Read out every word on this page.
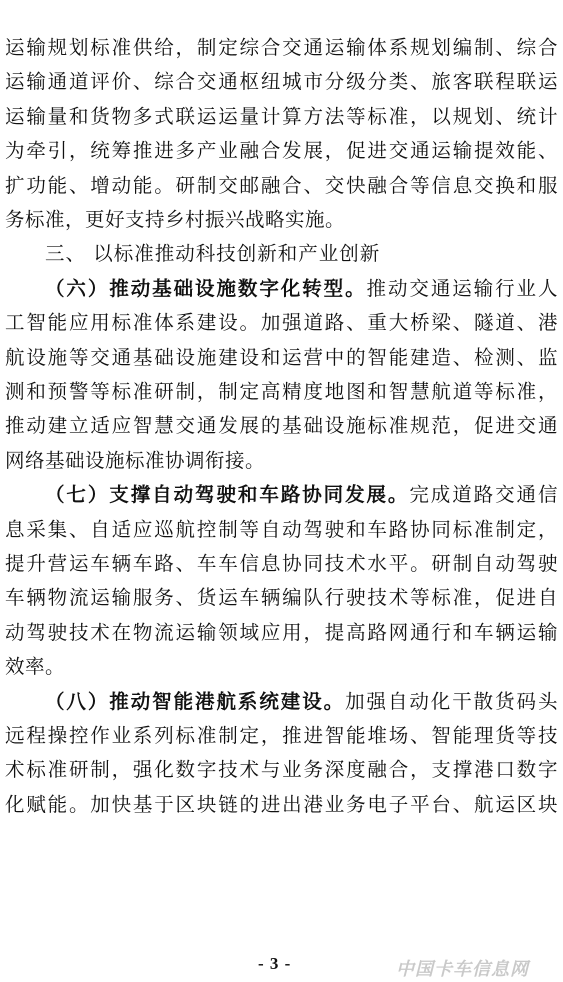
运输规划标准供给，制定综合交通运输体系规划编制、综合
运输通道评价、综合交通枢纽城市分级分类、旅客联程联运
运输量和货物多式联运运量计算方法等标准，以规划、统计
为牵引，统筹推进多产业融合发展，促进交通运输提效能、
扩功能、增动能。研制交邮融合、交快融合等信息交换和服
务标准，更好支持乡村振兴战略实施。
三、 以标准推动科技创新和产业创新
（六）推动基础设施数字化转型。推动交通运输行业人
工智能应用标准体系建设。加强道路、重大桥梁、隧道、港
航设施等交通基础设施建设和运营中的智能建造、检测、监
测和预警等标准研制，制定高精度地图和智慧航道等标准，
推动建立适应智慧交通发展的基础设施标准规范，促进交通
网络基础设施标准协调衔接。
（七）支撑自动驾驶和车路协同发展。完成道路交通信
息采集、自适应巡航控制等自动驾驶和车路协同标准制定，
提升营运车辆车路、车车信息协同技术水平。研制自动驾驶
车辆物流运输服务、货运车辆编队行驶技术等标准，促进自
动驾驶技术在物流运输领域应用，提高路网通行和车辆运输
效率。
- 3 -	中国卡车信息网
（八）推动智能港航系统建设。加强自动化干散货码头
远程操控作业系列标准制定，推进智能堆场、智能理货等技
术标准研制，强化数字技术与业务深度融合，支撑港口数字
化赋能。加快基于区块链的进出港业务电子平台、航运区块
